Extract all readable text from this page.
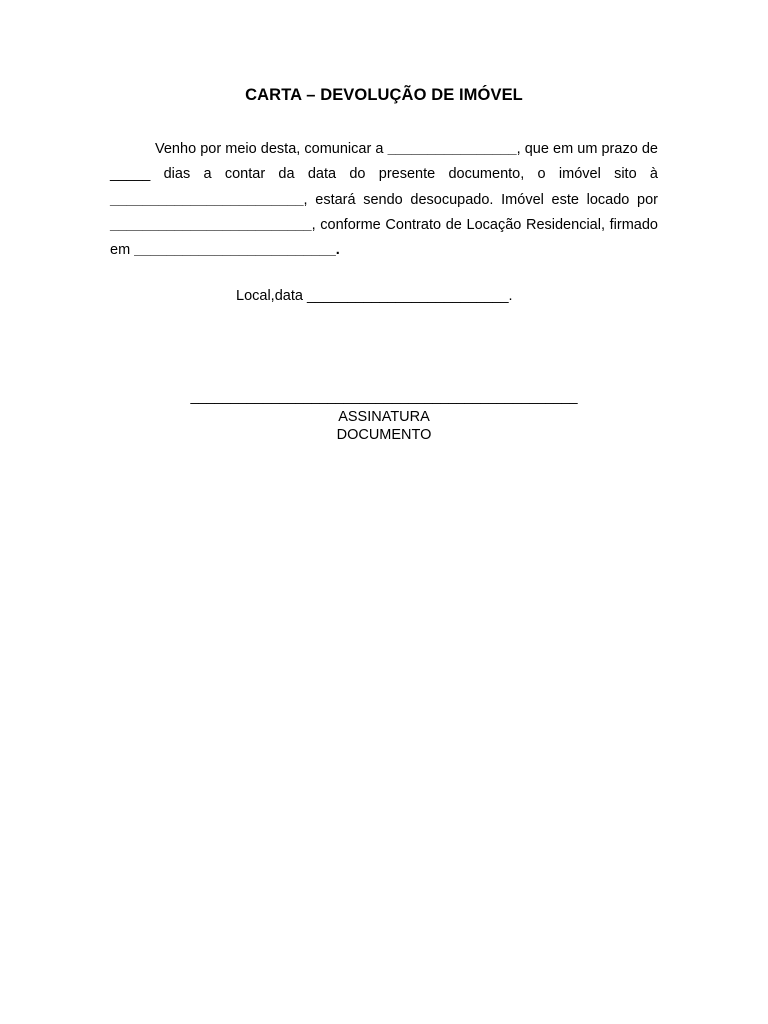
CARTA – DEVOLUÇÃO DE IMÓVEL
Venho por meio desta, comunicar a ________________, que em um prazo de _____ dias a contar da data do presente documento, o imóvel sito à ________________________, estará sendo desocupado. Imóvel este locado por _________________________, conforme Contrato de Locação Residencial, firmado em _________________________.
Local,data _________________________.
________________________________________________
ASSINATURA
DOCUMENTO
